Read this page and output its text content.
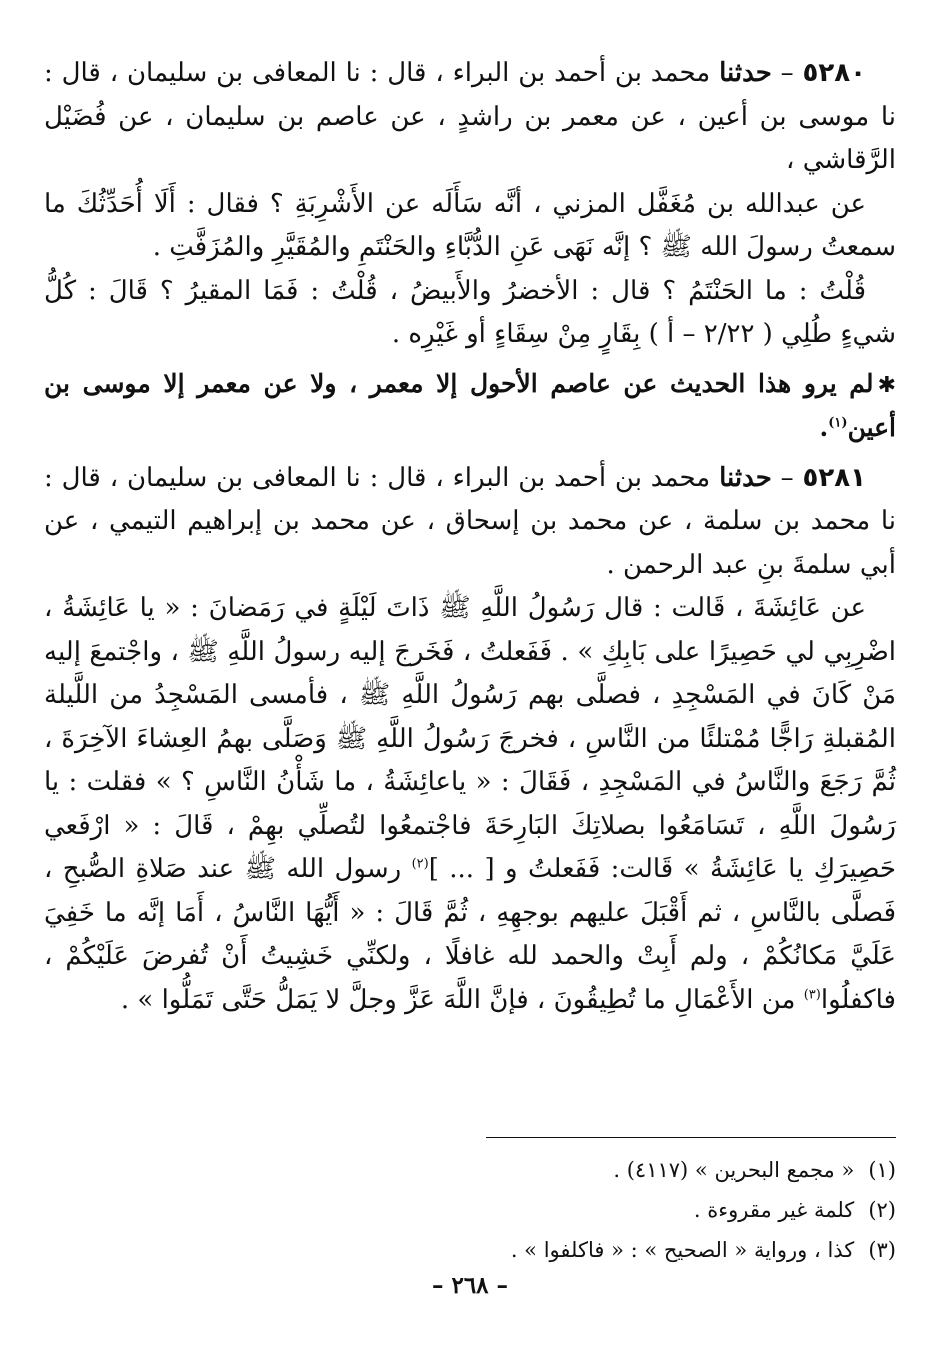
٥٢٨٠ – حدثنا محمد بن أحمد بن البراء ، قال : نا المعافى بن سليمان ، قال : نا موسى بن أعين ، عن معمر بن راشدٍ ، عن عاصم بن سليمان ، عن فُضَيْل الرَّقاشي ،

عن عبدالله بن مُغَفَّل المزني ، أنَّه سَأَلَه عن الأَشْرِبَةِ ؟ فقال : أَلَا أُحَدِّثُكَ ما سمعتُ رسولَ الله ﷺ ؟ إنَّه نَهَى عَنِ الدُّبَّاءِ والحَنْتَمِ والمُقَيَّرِ والمُزَفَّتِ .

قُلْتُ : ما الحَنْتَمُ ؟ قال : الأخضرُ والأَبيضُ ، قُلْتُ : فَمَا المقيرُ ؟ قَالَ : كُلُّ شيءٍ طُلِي ( ٢/٢٢ – أ ) بِقَارٍ مِنْ سِقَاءٍ أو غَيْرِه .

✱لم يرو هذا الحديث عن عاصم الأحول إلا معمر ، ولا عن معمر إلا موسى بن أعين$^{(١)}$.

٥٢٨١ – حدثنا محمد بن أحمد بن البراء ، قال : نا المعافى بن سليمان ، قال : نا محمد بن سلمة ، عن محمد بن إسحاق ، عن محمد بن إبراهيم التيمي ، عن أبي سلمةَ بنِ عبد الرحمن .

عن عَائِشَةَ ، قَالت : قال رَسُولُ اللَّهِ ﷺ ذَاتَ لَيْلَةٍ في رَمَضانَ : « يا عَائِشَةُ ، اضْرِبِي لي حَصِيرًا على بَابِكِ » . فَفَعلتُ ، فَخَرجَ إليه رسولُ اللَّهِ ﷺ ، واجْتمعَ إليه مَنْ كَانَ في المَسْجِدِ ، فصلَّى بهم رَسُولُ اللَّهِ ﷺ ، فأمسى المَسْجِدُ من اللَّيلة المُقبلةِ رَاجًّا مُمْتلئًا من النَّاسِ ، فخرجَ رَسُولُ اللَّهِ ﷺ وَصَلَّى بهمُ العِشاءَ الآخِرَةَ ، ثُمَّ رَجَعَ والنَّاسُ في المَسْجِدِ ، فَقَالَ : « ياعائِشَةُ ، ما شَأْنُ النَّاسِ ؟ » فقلت : يا رَسُولَ اللَّهِ ، تَسَامَعُوا بصلاتِكَ البَارِحَةَ فاجْتمعُوا لتُصلِّي بهِمْ ، قَالَ : « ارْفَعي حَصِيرَكِ يا عَائِشَةُ » قَالت: فَفَعلتُ و [ ... ]$^{(٢)}$ رسول الله ﷺ عند صَلاةِ الصُّبحِ ، فَصلَّى بالنَّاسِ ، ثم أَقْبَلَ عليهم بوجهِهِ ، ثُمَّ قَالَ : « أَيُّهَا النَّاسُ ، أَمَا إنَّه ما خَفِيَ عَلَيَّ مَكانُكُمْ ، ولم أَبِتْ والحمد لله غافلًا ، ولكنِّي خَشِيتُ أَنْ تُفرضَ عَلَيْكُمْ ، فاكفلُوا$^{(٣)}$ من الأَعْمَالِ ما تُطِيقُونَ ، فإنَّ اللَّهَ عَزَّ وجلَّ لا يَمَلُّ حَتَّى تَمَلُّوا » .

(١)« مجمع البحرين » (٤١١٧) .

(٢)كلمة غير مقروءة .

(٣)كذا ، ورواية « الصحيح » : « فاكلفوا » .

– ٢٦٨ –
